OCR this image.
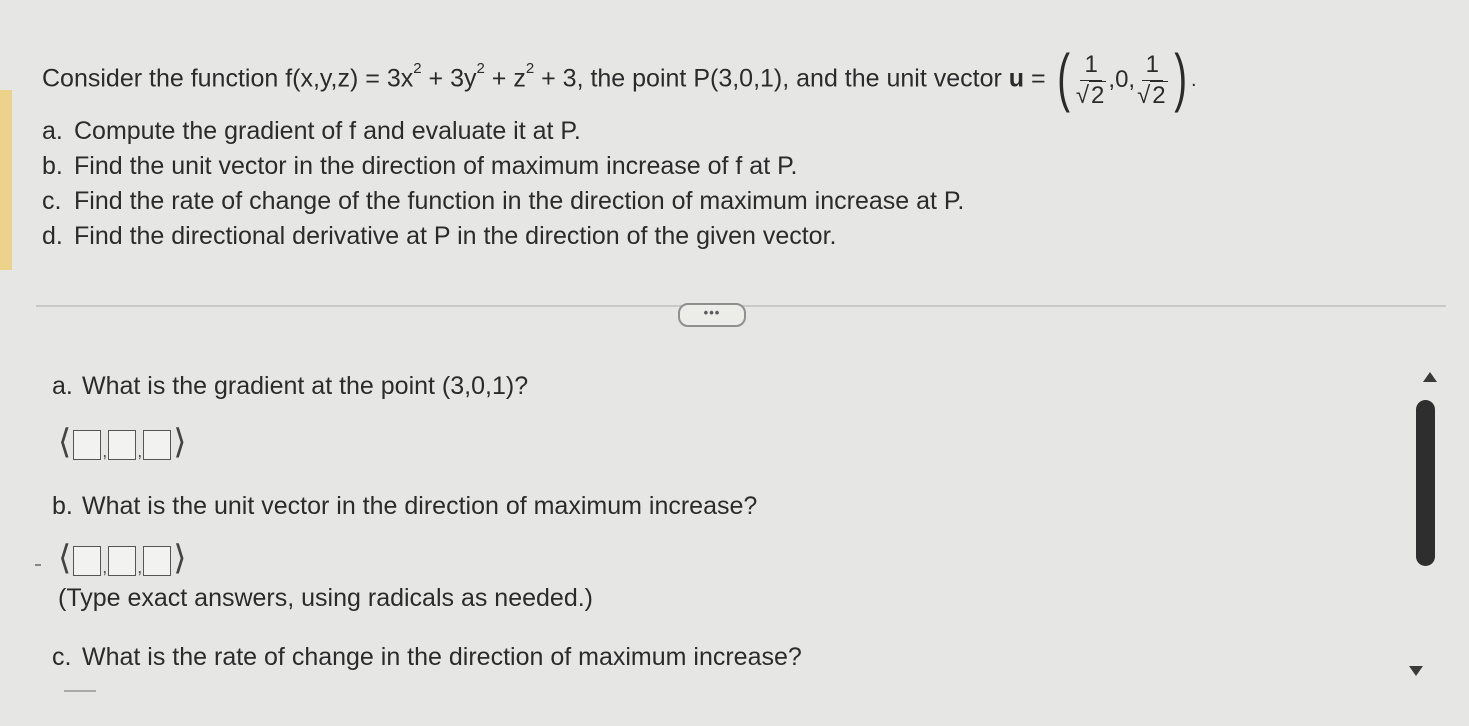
Consider the function $f(x,y,z) = 3x^2 + 3y^2 + z^2 + 3$, the point P(3,0,1), and the unit vector u = ( $\frac{1}{√2} ,0$, $\frac{1}{√2}$ ) .
a. Compute the gradient of f and evaluate it at P.
b. Find the unit vector in the direction of maximum increase of f at P.
c. Find the rate of change of the function in the direction of maximum increase at P.
d. Find the directional derivative at P in the direction of the given vector.
•••
a. What is the gradient at the point (3,0,1)?
⟨ , , ⟩
b. What is the unit vector in the direction of maximum increase?
⟨ , , ⟩
(Type exact answers, using radicals as needed.)
c. What is the rate of change in the direction of maximum increase?
